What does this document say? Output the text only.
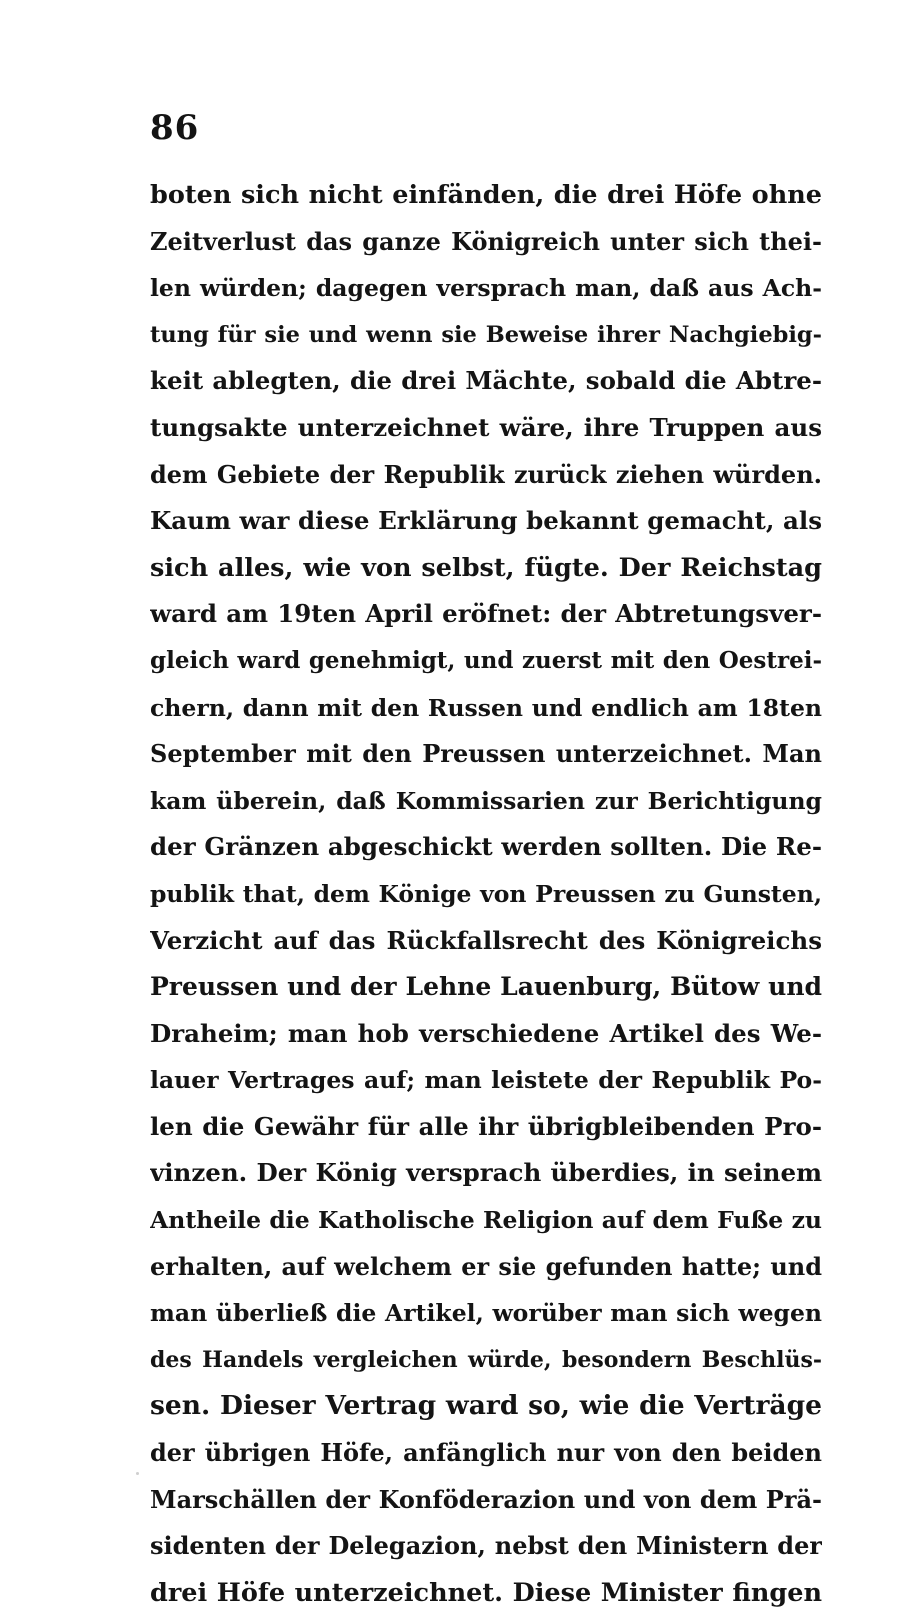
86
boten sich nicht einfänden, die drei Höfe ohne
Zeitverlust das ganze Königreich unter sich thei-
len würden; dagegen versprach man, daß aus Ach-
tung für sie und wenn sie Beweise ihrer Nachgiebig-
keit ablegten, die drei Mächte, sobald die Abtre-
tungsakte unterzeichnet wäre, ihre Truppen aus
dem Gebiete der Republik zurück ziehen würden.
Kaum war diese Erklärung bekannt gemacht, als
sich alles, wie von selbst, fügte. Der Reichstag
ward am 19ten April eröfnet: der Abtretungsver-
gleich ward genehmigt, und zuerst mit den Oestrei-
chern, dann mit den Russen und endlich am 18ten
September mit den Preussen unterzeichnet. Man
kam überein, daß Kommissarien zur Berichtigung
der Gränzen abgeschickt werden sollten. Die Re-
publik that, dem Könige von Preussen zu Gunsten,
Verzicht auf das Rückfallsrecht des Königreichs
Preussen und der Lehne Lauenburg, Bütow und
Draheim; man hob verschiedene Artikel des We-
lauer Vertrages auf; man leistete der Republik Po-
len die Gewähr für alle ihr übrigbleibenden Pro-
vinzen. Der König versprach überdies, in seinem
Antheile die Katholische Religion auf dem Fuße zu
erhalten, auf welchem er sie gefunden hatte; und
man überließ die Artikel, worüber man sich wegen
des Handels vergleichen würde, besondern Beschlüs-
sen. Dieser Vertrag ward so, wie die Verträge
der übrigen Höfe, anfänglich nur von den beiden
Marschällen der Konföderazion und von dem Prä-
sidenten der Delegazion, nebst den Ministern der
drei Höfe unterzeichnet. Diese Minister fingen
